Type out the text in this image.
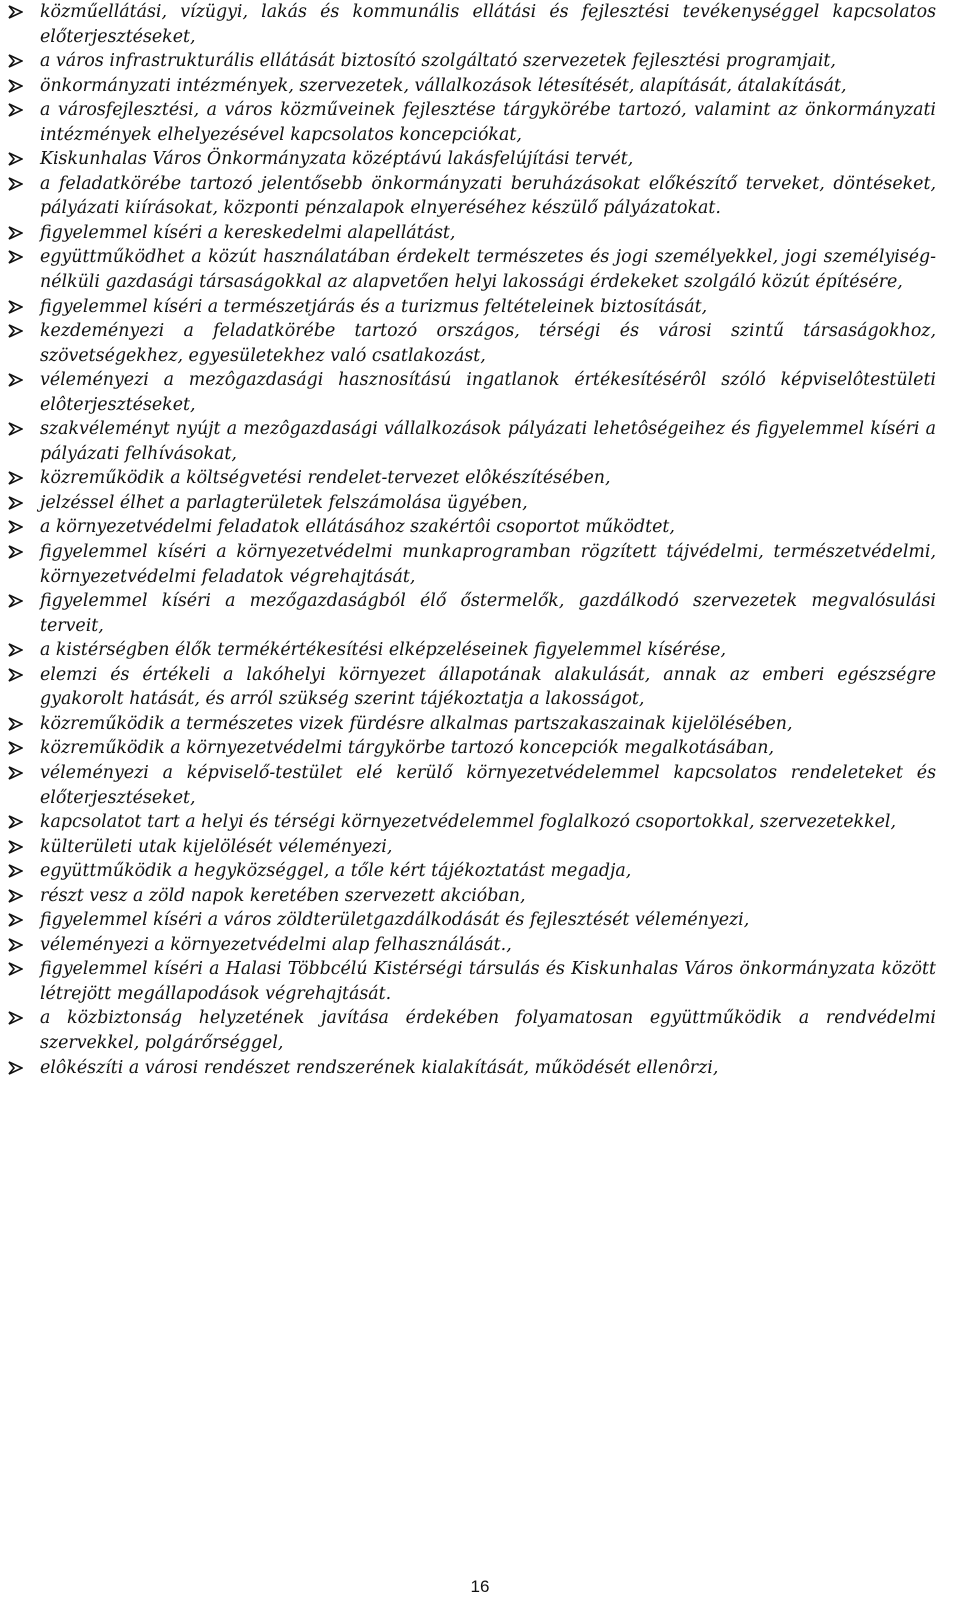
közműellátási, vízügyi, lakás és kommunális ellátási és fejlesztési tevékenységgel kapcsolatos előterjesztéseket,
a város infrastrukturális ellátását biztosító szolgáltató szervezetek fejlesztési programjait,
önkormányzati intézmények, szervezetek, vállalkozások létesítését, alapítását, átalakítását,
a városfejlesztési, a város közműveinek fejlesztése tárgykörébe tartozó, valamint az önkormányzati intézmények elhelyezésével kapcsolatos koncepciókat,
Kiskunhalas Város Önkormányzata középtávú lakásfelújítási tervét,
a feladatkörébe tartozó jelentősebb önkormányzati beruházásokat előkészítő terveket, döntéseket, pályázati kiírásokat, központi pénzalapok elnyeréséhez készülő pályázatokat.
figyelemmel kíséri a kereskedelmi alapellátást,
együttműködhet a közút használatában érdekelt természetes és jogi személyekkel, jogi személyiség-nélküli gazdasági társaságokkal az alapvetően helyi lakossági érdekeket szolgáló közút építésére,
figyelemmel kíséri a természetjárás és a turizmus feltételeinek biztosítását,
kezdeményezi a feladatkörébe tartozó országos, térségi és városi szintű társaságokhoz, szövetségekhez, egyesületekhez való csatlakozást,
véleményezi a mezôgazdasági hasznosítású ingatlanok értékesítésérôl szóló képviselôtestületi elôterjesztéseket,
szakvéleményt nyújt a mezôgazdasági vállalkozások pályázati lehetôségeihez és figyelemmel kíséri a pályázati felhívásokat,
közreműködik a költségvetési rendelet-tervezet elôkészítésében,
jelzéssel élhet a parlagterületek felszámolása ügyében,
a környezetvédelmi feladatok ellátásához szakértôi csoportot működtet,
figyelemmel kíséri a környezetvédelmi munkaprogramban rögzített tájvédelmi, természetvédelmi, környezetvédelmi feladatok végrehajtását,
figyelemmel kíséri a mezőgazdaságból élő őstermelők, gazdálkodó szervezetek megvalósulási terveit,
a kistérségben élők termékértékesítési elképzeléseinek figyelemmel kísérése,
elemzi és értékeli a lakóhelyi környezet állapotának alakulását, annak az emberi egészségre gyakorolt hatását, és arról szükség szerint tájékoztatja a lakosságot,
közreműködik a természetes vizek fürdésre alkalmas partszakaszainak kijelölésében,
közreműködik a környezetvédelmi tárgykörbe tartozó koncepciók megalkotásában,
véleményezi a képviselő-testület elé kerülő környezetvédelemmel kapcsolatos rendeleteket és előterjesztéseket,
kapcsolatot tart a helyi és térségi környezetvédelemmel foglalkozó csoportokkal, szervezetekkel,
külterületi utak kijelölését véleményezi,
együttműködik a hegyközséggel, a tőle kért tájékoztatást megadja,
részt vesz a zöld napok keretében szervezett akcióban,
figyelemmel kíséri a város zöldterületgazdálkodását és fejlesztését véleményezi,
véleményezi a környezetvédelmi alap felhasználását.,
figyelemmel kíséri a Halasi Többcélú Kistérségi társulás és Kiskunhalas Város önkormányzata között létrejött megállapodások végrehajtását.
a közbiztonság helyzetének javítása érdekében folyamatosan együttműködik a rendvédelmi szervekkel, polgárőrséggel,
elôkészíti a városi rendészet rendszerének kialakítását, működését ellenôrzi,
16
